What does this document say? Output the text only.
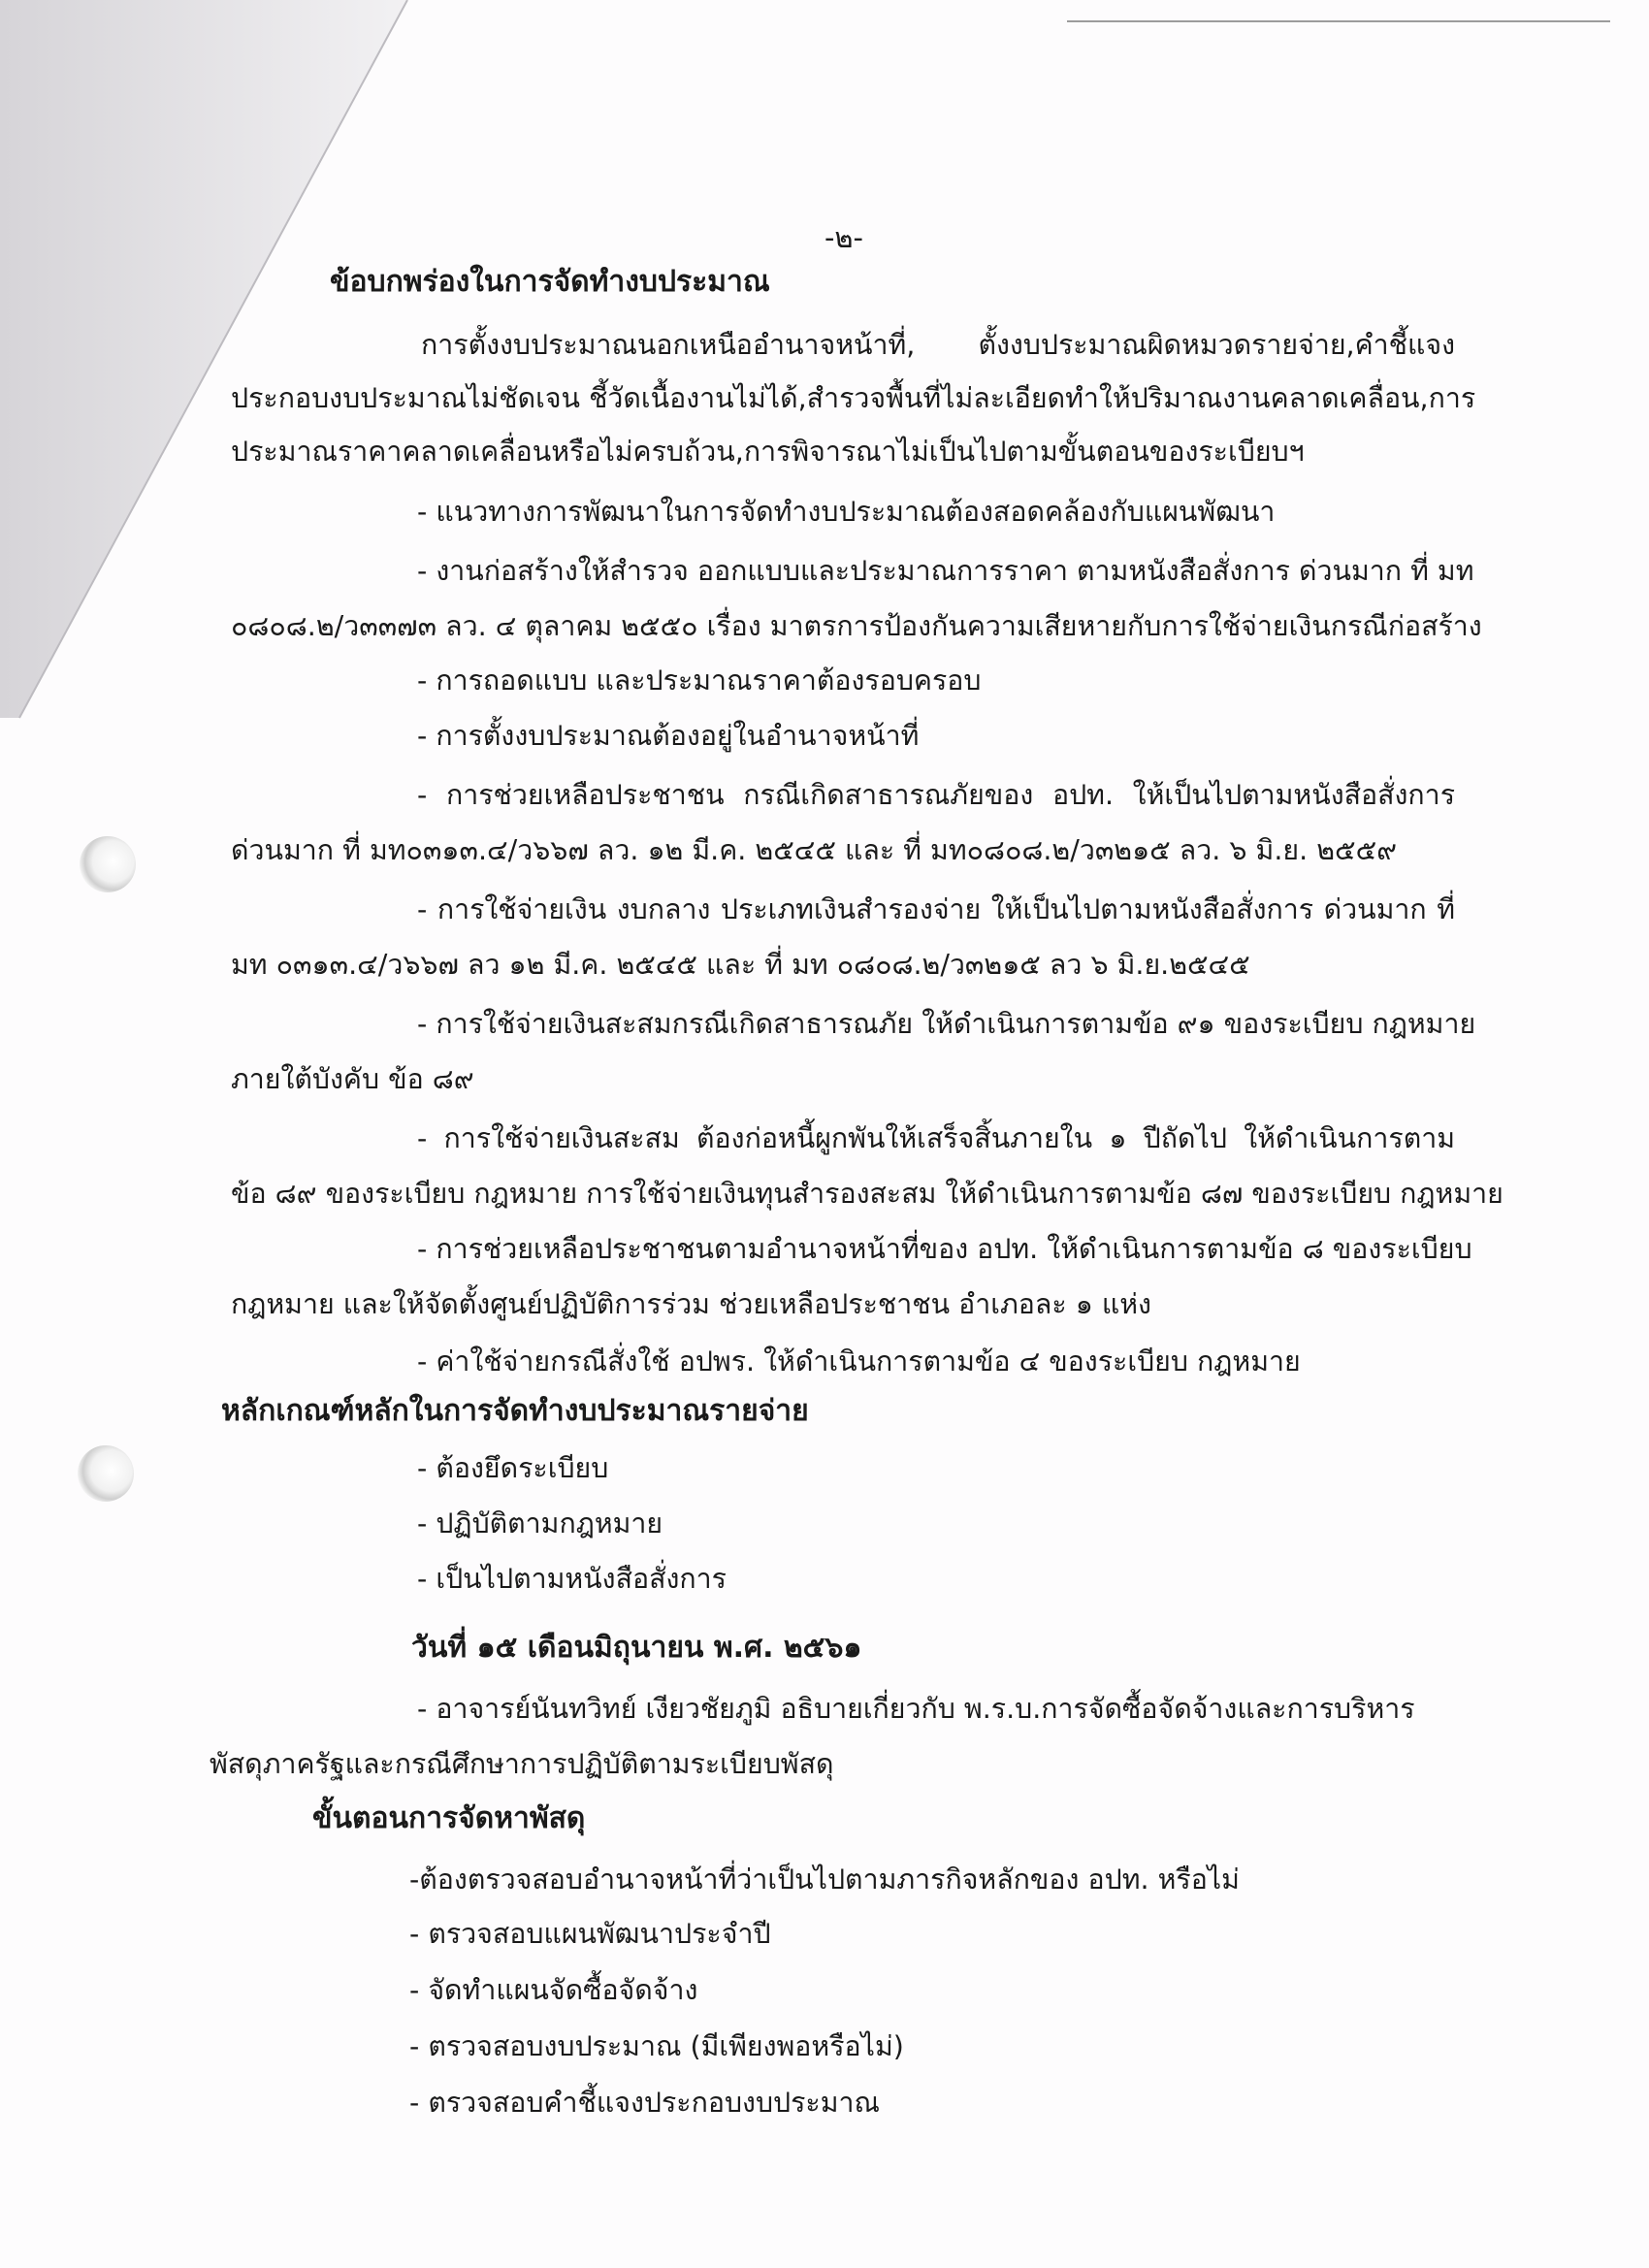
-๒-
ข้อบกพร่องในการจัดทำงบประมาณ
การตั้งงบประมาณนอกเหนืออำนาจหน้าที่, ตั้งงบประมาณผิดหมวดรายจ่าย,คำชี้แจง
ประกอบงบประมาณไม่ชัดเจน ชี้วัดเนื้องานไม่ได้,สำรวจพื้นที่ไม่ละเอียดทำให้ปริมาณงานคลาดเคลื่อน,การ
ประมาณราคาคลาดเคลื่อนหรือไม่ครบถ้วน,การพิจารณาไม่เป็นไปตามขั้นตอนของระเบียบฯ
- แนวทางการพัฒนาในการจัดทำงบประมาณต้องสอดคล้องกับแผนพัฒนา
- งานก่อสร้างให้สำรวจ ออกแบบและประมาณการราคา ตามหนังสือสั่งการ ด่วนมาก ที่ มท
๐๘๐๘.๒/ว๓๓๗๓ ลว. ๔ ตุลาคม ๒๕๕๐ เรื่อง มาตรการป้องกันความเสียหายกับการใช้จ่ายเงินกรณีก่อสร้าง
- การถอดแบบ และประมาณราคาต้องรอบครอบ
- การตั้งงบประมาณต้องอยู่ในอำนาจหน้าที่
- การช่วยเหลือประชาชน กรณีเกิดสาธารณภัยของ อปท. ให้เป็นไปตามหนังสือสั่งการ
ด่วนมาก ที่ มท๐๓๑๓.๔/ว๖๖๗ ลว. ๑๒ มี.ค. ๒๕๔๕ และ ที่ มท๐๘๐๘.๒/ว๓๒๑๕ ลว. ๖ มิ.ย. ๒๕๕๙
- การใช้จ่ายเงิน งบกลาง ประเภทเงินสำรองจ่าย ให้เป็นไปตามหนังสือสั่งการ ด่วนมาก ที่
มท ๐๓๑๓.๔/ว๖๖๗ ลว ๑๒ มี.ค. ๒๕๔๕ และ ที่ มท ๐๘๐๘.๒/ว๓๒๑๕ ลว ๖ มิ.ย.๒๕๔๕
- การใช้จ่ายเงินสะสมกรณีเกิดสาธารณภัย ให้ดำเนินการตามข้อ ๙๑ ของระเบียบ กฎหมาย
ภายใต้บังคับ ข้อ ๘๙
- การใช้จ่ายเงินสะสม ต้องก่อหนี้ผูกพันให้เสร็จสิ้นภายใน ๑ ปีถัดไป ให้ดำเนินการตาม
ข้อ ๘๙ ของระเบียบ กฎหมาย การใช้จ่ายเงินทุนสำรองสะสม ให้ดำเนินการตามข้อ ๘๗ ของระเบียบ กฎหมาย
- การช่วยเหลือประชาชนตามอำนาจหน้าที่ของ อปท. ให้ดำเนินการตามข้อ ๘ ของระเบียบ
กฎหมาย และให้จัดตั้งศูนย์ปฏิบัติการร่วม ช่วยเหลือประชาชน อำเภอละ ๑ แห่ง
- ค่าใช้จ่ายกรณีสั่งใช้ อปพร. ให้ดำเนินการตามข้อ ๔ ของระเบียบ กฎหมาย
หลักเกณฑ์หลักในการจัดทำงบประมาณรายจ่าย
- ต้องยึดระเบียบ
- ปฏิบัติตามกฎหมาย
- เป็นไปตามหนังสือสั่งการ
วันที่ ๑๕ เดือนมิถุนายน พ.ศ. ๒๕๖๑
- อาจารย์นันทวิทย์ เงียวชัยภูมิ อธิบายเกี่ยวกับ พ.ร.บ.การจัดซื้อจัดจ้างและการบริหาร
พัสดุภาครัฐและกรณีศึกษาการปฏิบัติตามระเบียบพัสดุ
ขั้นตอนการจัดหาพัสดุ
-ต้องตรวจสอบอำนาจหน้าที่ว่าเป็นไปตามภารกิจหลักของ อปท. หรือไม่
- ตรวจสอบแผนพัฒนาประจำปี
- จัดทำแผนจัดซื้อจัดจ้าง
- ตรวจสอบงบประมาณ (มีเพียงพอหรือไม่)
- ตรวจสอบคำชี้แจงประกอบงบประมาณ
